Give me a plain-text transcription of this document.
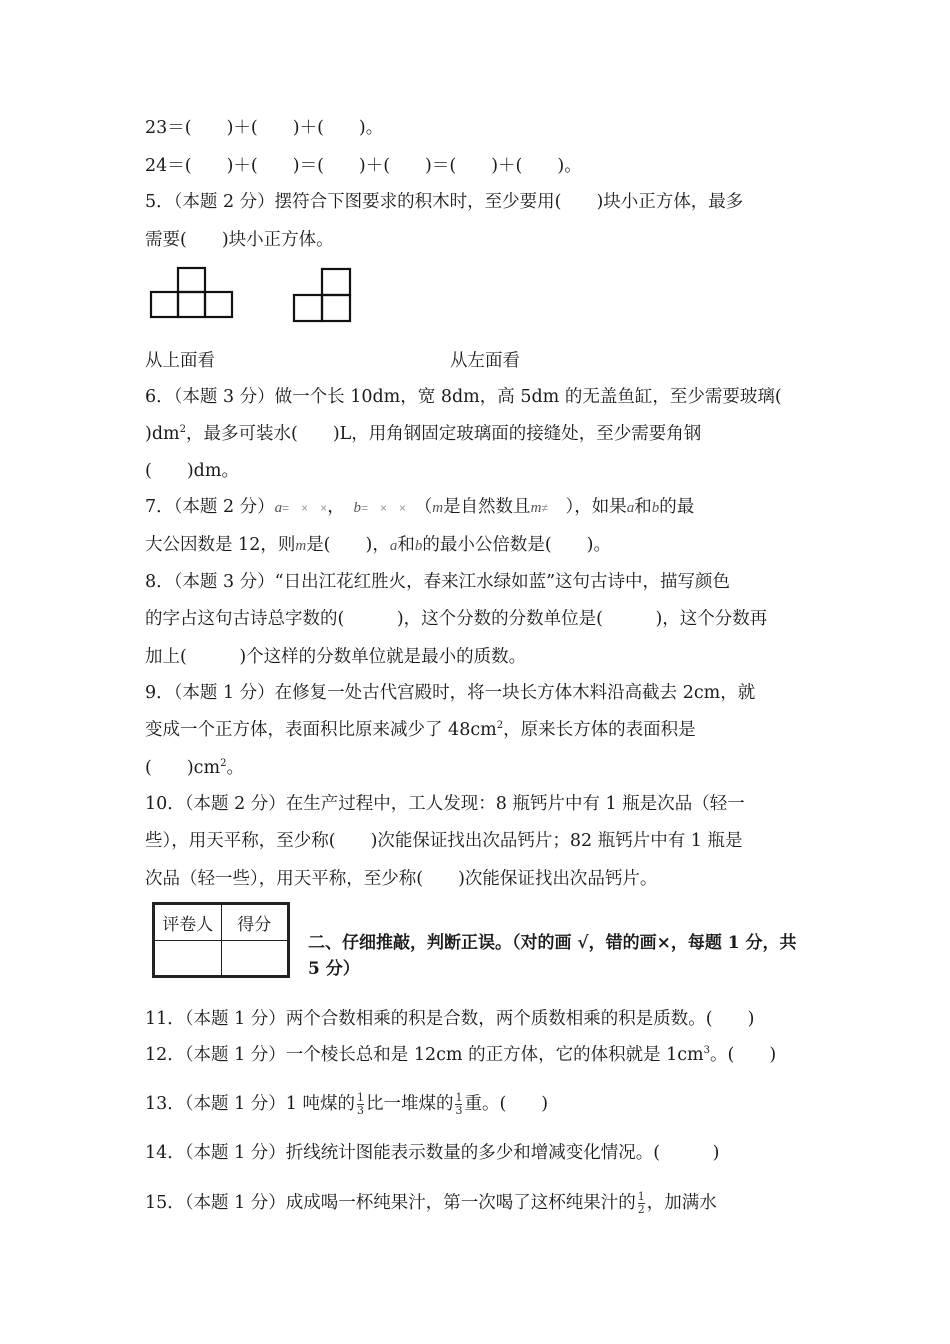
23＝(　　)＋(　　)＋(　　)。
24＝(　　)＋(　　)＝(　　)＋(　　)＝(　　)＋(　　)。
5．（本题 2 分）摆符合下图要求的积木时，至少要用(　　)块小正方体，最多
需要(　　)块小正方体。
从上面看	从左面看
6．（本题 3 分）做一个长 10dm，宽 8dm，高 5dm 的无盖鱼缸，至少需要玻璃(
)$dm^2$，最多可装水(　　)L，用角钢固定玻璃面的接缝处，至少需要角钢
(　　)dm。
7．（本题 2 分）a=　×　×，　 b=　×　×　 （m是自然数且m≠　 ），如果a和b的最
大公因数是 12，则m是(　　)，a和b的最小公倍数是(　　)。
8．（本题 3 分）“日出江花红胜火，春来江水绿如蓝”这句古诗中，描写颜色
的字占这句古诗总字数的(　　　)，这个分数的分数单位是(　　　)，这个分数再
加上(　　　)个这样的分数单位就是最小的质数。
9．（本题 1 分）在修复一处古代宫殿时，将一块长方体木料沿高截去 2cm，就
变成一个正方体，表面积比原来减少了 $48cm^2$，原来长方体的表面积是
(　　)$cm^2$。
10．（本题 2 分）在生产过程中，工人发现：8 瓶钙片中有 1 瓶是次品（轻一
些），用天平称，至少称(　　)次能保证找出次品钙片；82 瓶钙片中有 1 瓶是
次品（轻一些），用天平称，至少称(　　)次能保证找出次品钙片。
评卷人	得分

二、仔细推敲，判断正误。（对的画 √，错的画×，每题 1 分，共 5 分）
11．（本题 1 分）两个合数相乘的积是合数，两个质数相乘的积是质数。(　　)
12．（本题 1 分）一个棱长总和是 12cm 的正方体，它的体积就是 $1cm^3$。(　　)
13．（本题 1 分）1 吨煤的 $\frac{1}{3}$ 比一堆煤的 $\frac{1}{3}$ 重。(　　)
14．（本题 1 分）折线统计图能表示数量的多少和增减变化情况。(　　　)
15．（本题 1 分）成成喝一杯纯果汁，第一次喝了这杯纯果汁的 $\frac{1}{2}$ ，加满水
